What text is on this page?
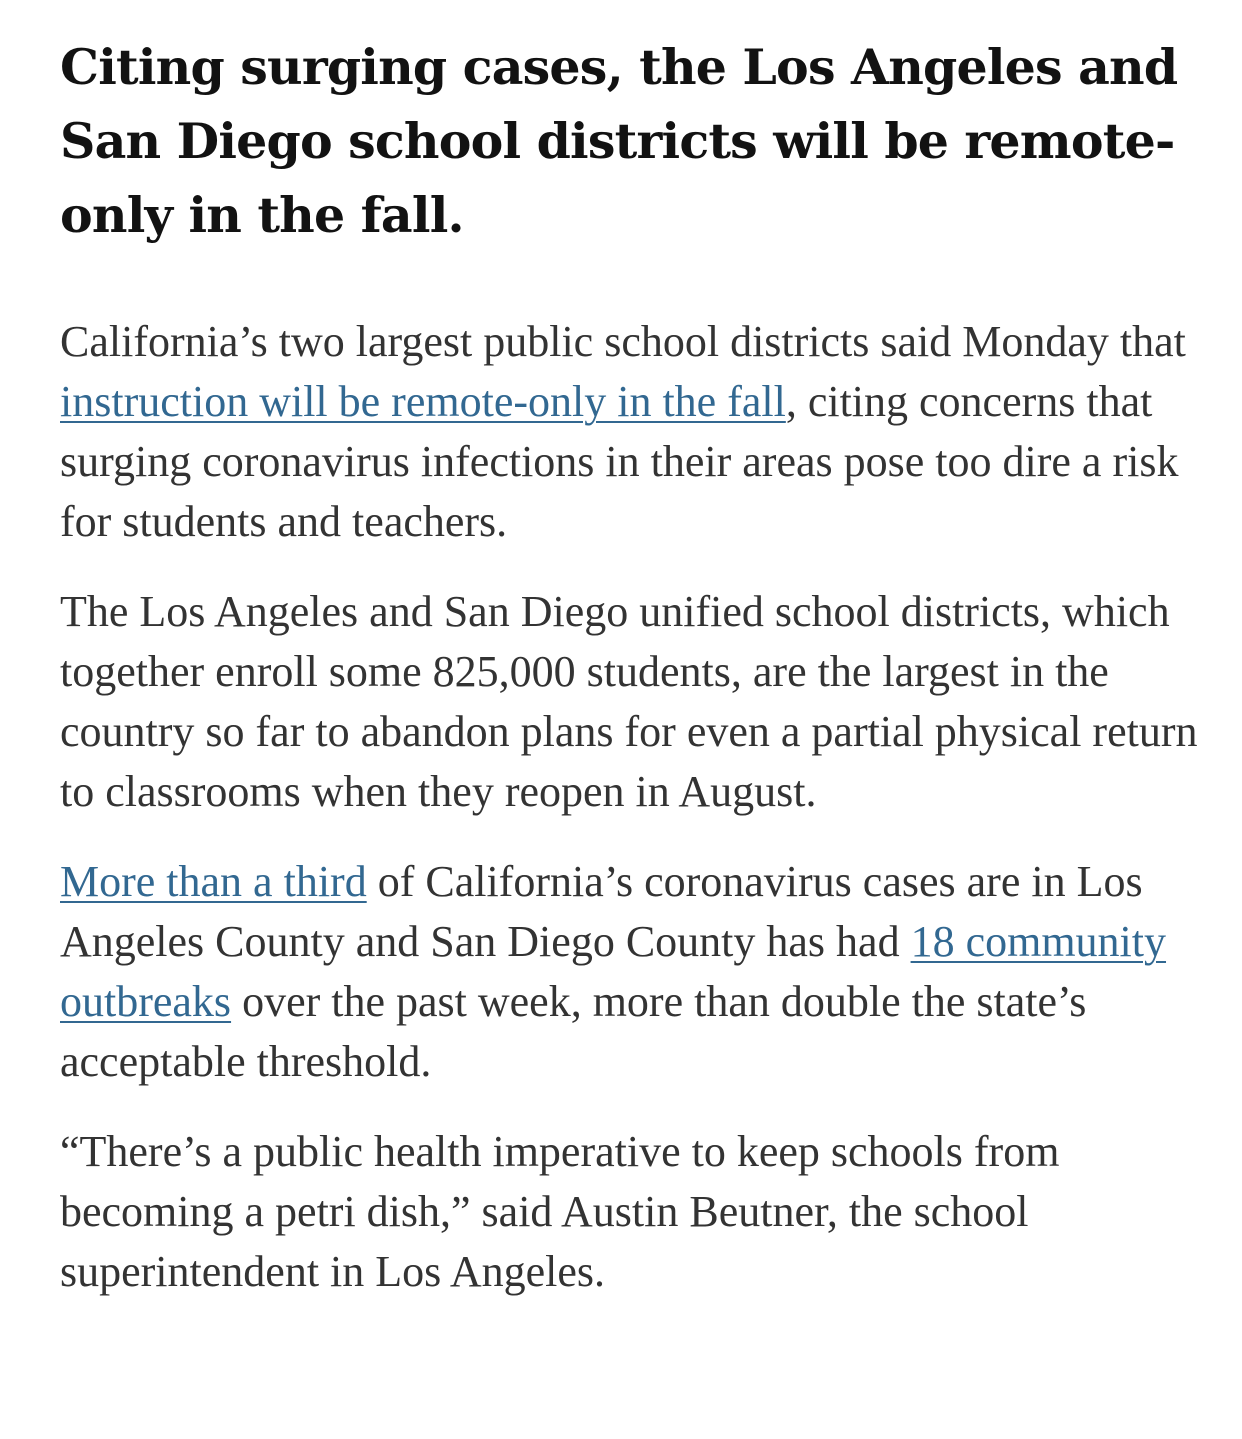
Citing surging cases, the Los Angeles and San Diego school districts will be remote-only in the fall.

California’s two largest public school districts said Monday that instruction will be remote-only in the fall, citing concerns that surging coronavirus infections in their areas pose too dire a risk for students and teachers.

The Los Angeles and San Diego unified school districts, which together enroll some 825,000 students, are the largest in the country so far to abandon plans for even a partial physical return to classrooms when they reopen in August.

More than a third of California’s coronavirus cases are in Los Angeles County and San Diego County has had 18 community outbreaks over the past week, more than double the state’s acceptable threshold.

“There’s a public health imperative to keep schools from becoming a petri dish,” said Austin Beutner, the school superintendent in Los Angeles.
